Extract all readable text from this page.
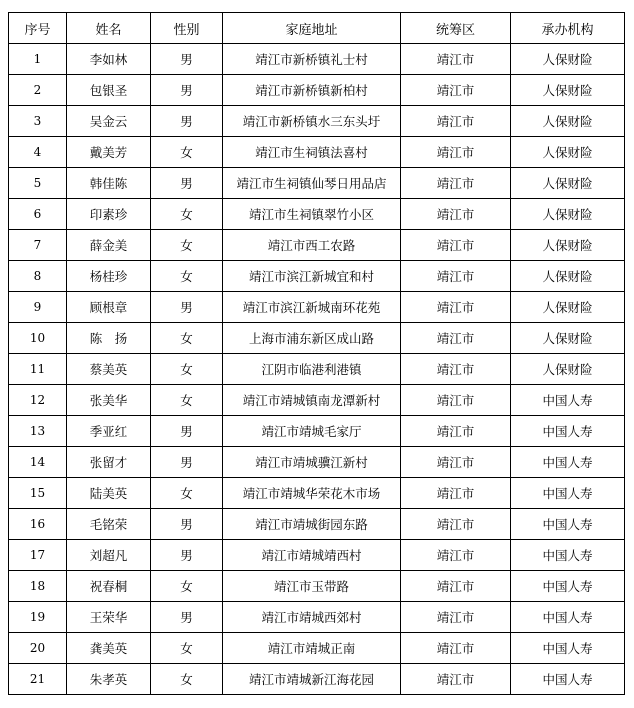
序号	姓名	性别	家庭地址	统筹区	承办机构
1	李如林	男	靖江市新桥镇礼士村	靖江市	人保财险
2	包银圣	男	靖江市新桥镇新柏村	靖江市	人保财险
3	吴金云	男	靖江市新桥镇水三东头圩	靖江市	人保财险
4	戴美芳	女	靖江市生祠镇法喜村	靖江市	人保财险
5	韩佳陈	男	靖江市生祠镇仙琴日用品店	靖江市	人保财险
6	印素珍	女	靖江市生祠镇翠竹小区	靖江市	人保财险
7	薛金美	女	靖江市西工农路	靖江市	人保财险
8	杨桂珍	女	靖江市滨江新城宜和村	靖江市	人保财险
9	顾根章	男	靖江市滨江新城南环花苑	靖江市	人保财险
10	陈　扬	女	上海市浦东新区成山路	靖江市	人保财险
11	蔡美英	女	江阴市临港利港镇	靖江市	人保财险
12	张美华	女	靖江市靖城镇南龙潭新村	靖江市	中国人寿
13	季亚红	男	靖江市靖城毛家厅	靖江市	中国人寿
14	张留才	男	靖江市靖城骥江新村	靖江市	中国人寿
15	陆美英	女	靖江市靖城华荣花木市场	靖江市	中国人寿
16	毛铭荣	男	靖江市靖城街园东路	靖江市	中国人寿
17	刘超凡	男	靖江市靖城靖西村	靖江市	中国人寿
18	祝春桐	女	靖江市玉带路	靖江市	中国人寿
19	王荣华	男	靖江市靖城西郊村	靖江市	中国人寿
20	龚美英	女	靖江市靖城正南	靖江市	中国人寿
21	朱孝英	女	靖江市靖城新江海花园	靖江市	中国人寿
